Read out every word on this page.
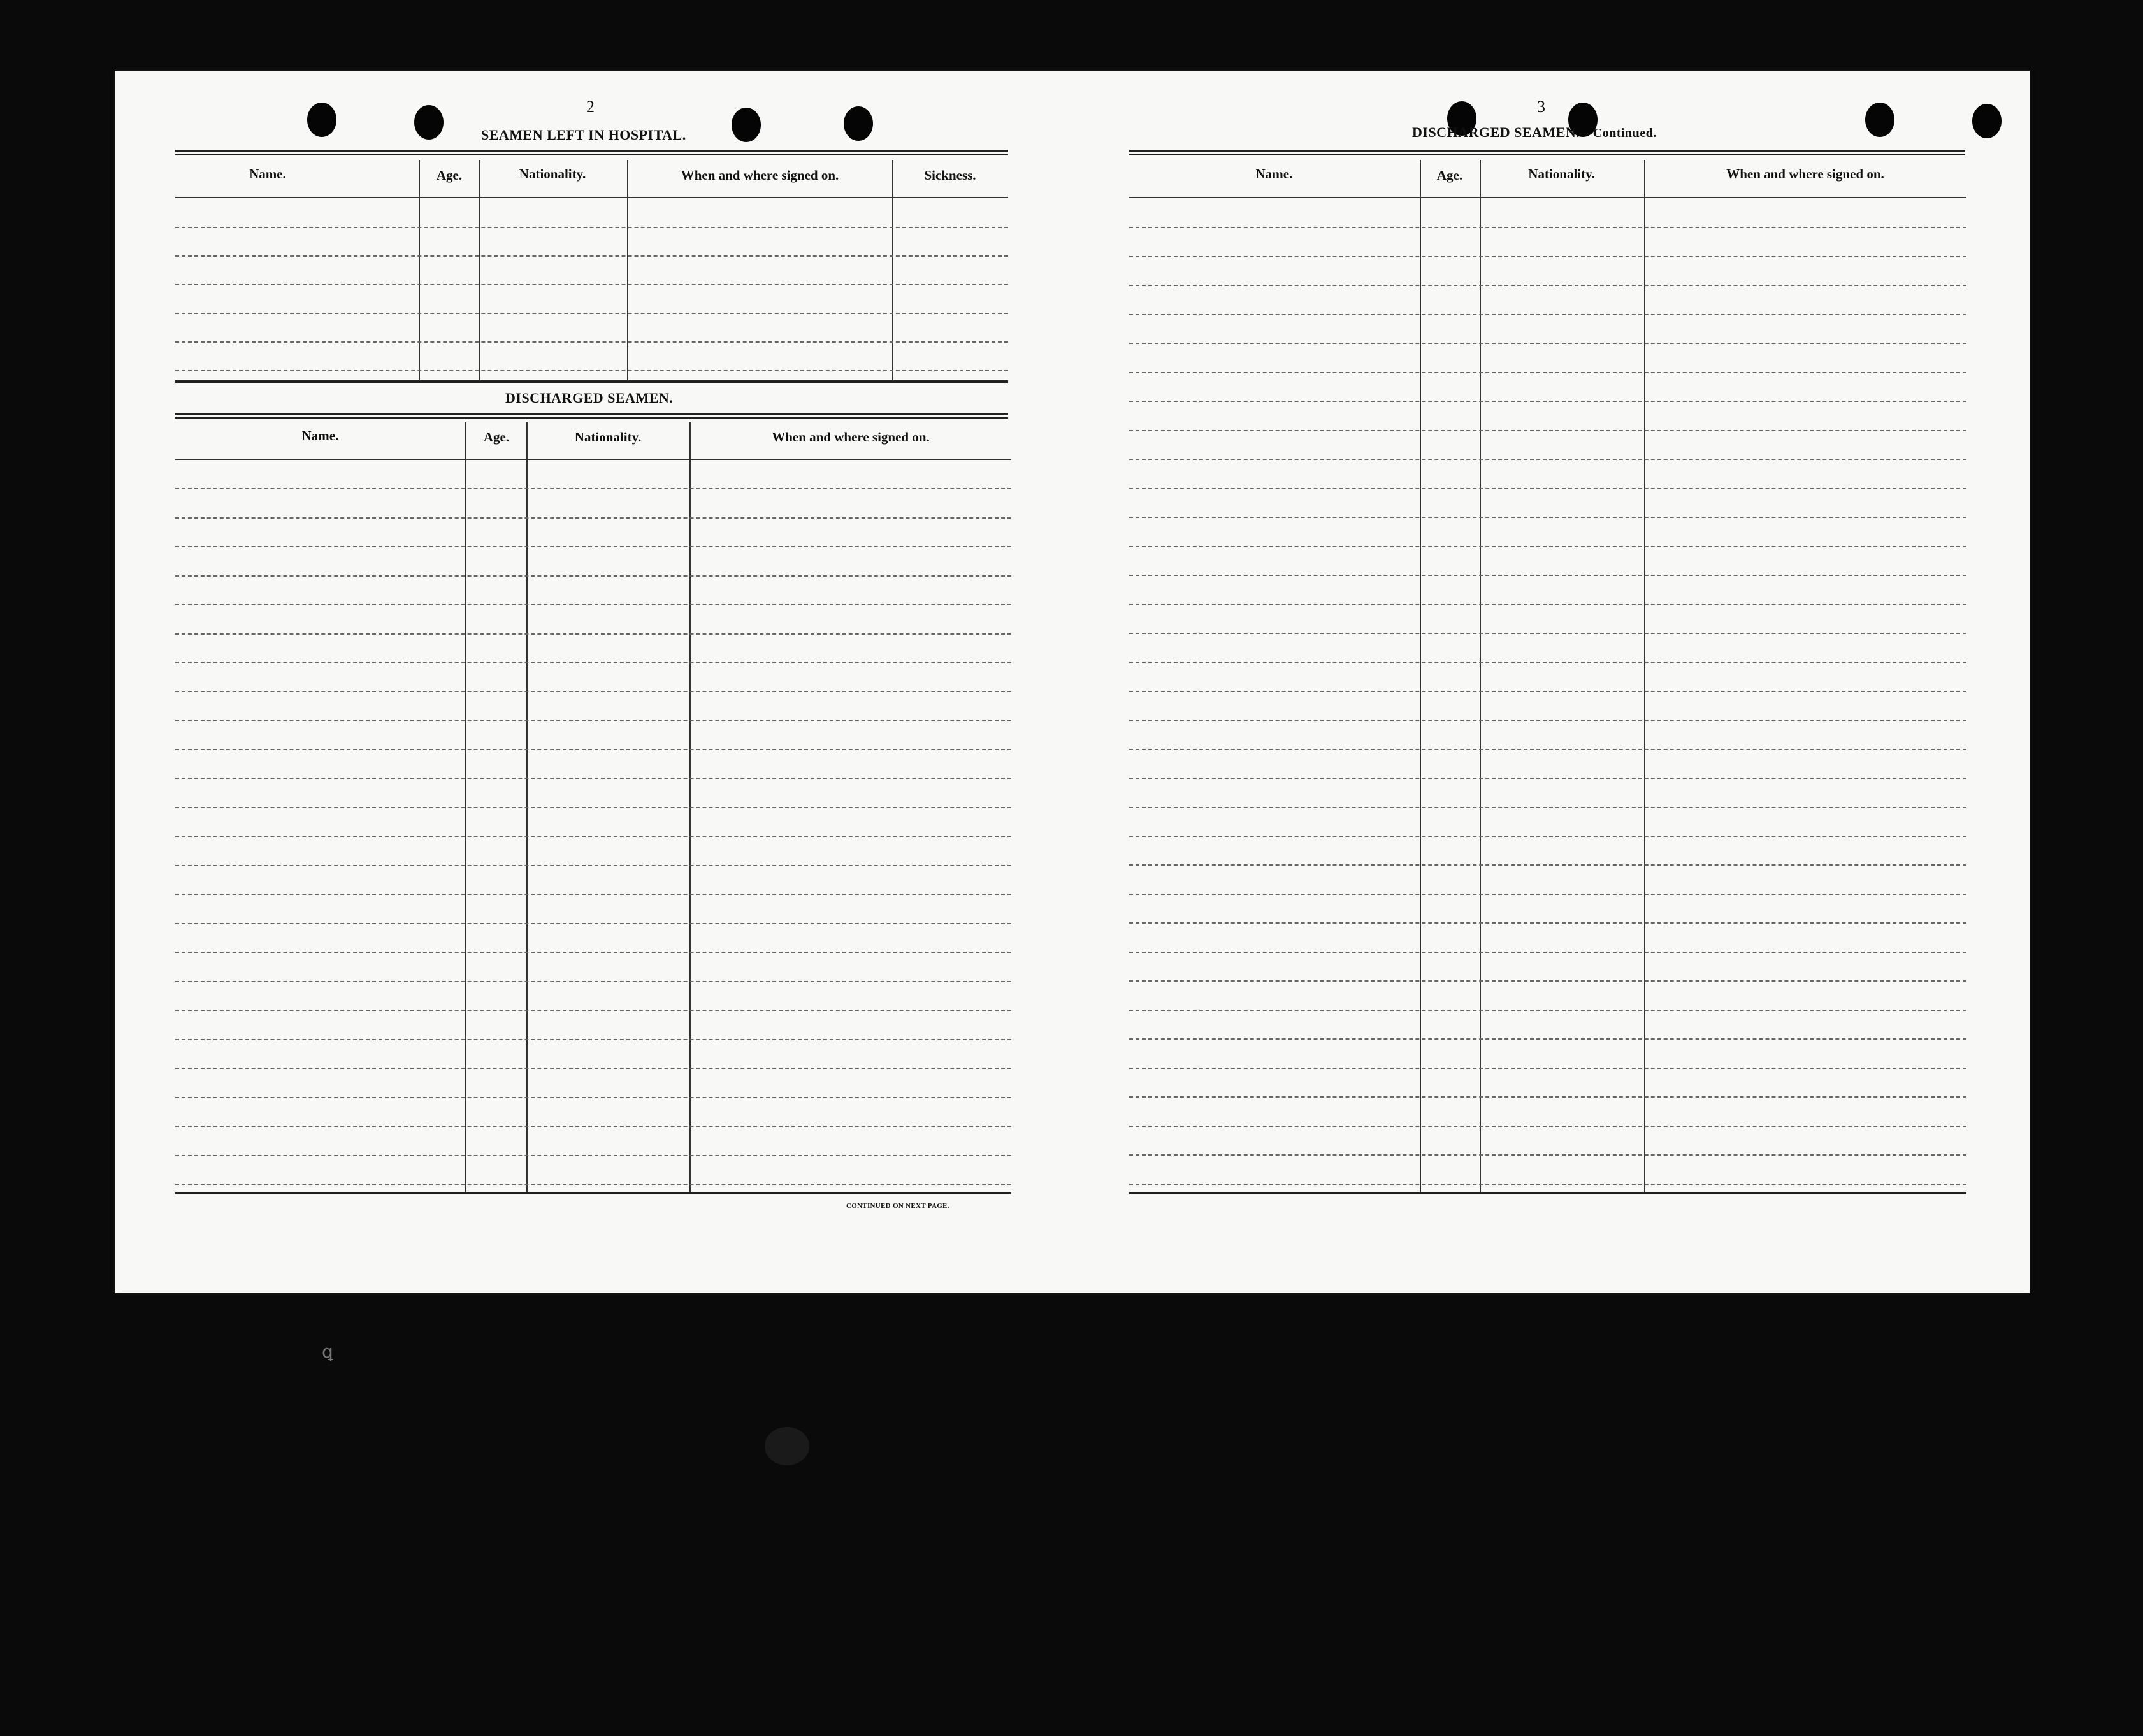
ꝗ
2
SEAMEN LEFT IN HOSPITAL.
Name.	Age.	Nationality.	When and where signed on.	Sickness.
DISCHARGED SEAMEN.
Name.	Age.	Nationality.	When and where signed on.
CONTINUED ON NEXT PAGE.
3
DISCHARGED SEAMEN.—Continued.
Name.	Age.	Nationality.	When and where signed on.
